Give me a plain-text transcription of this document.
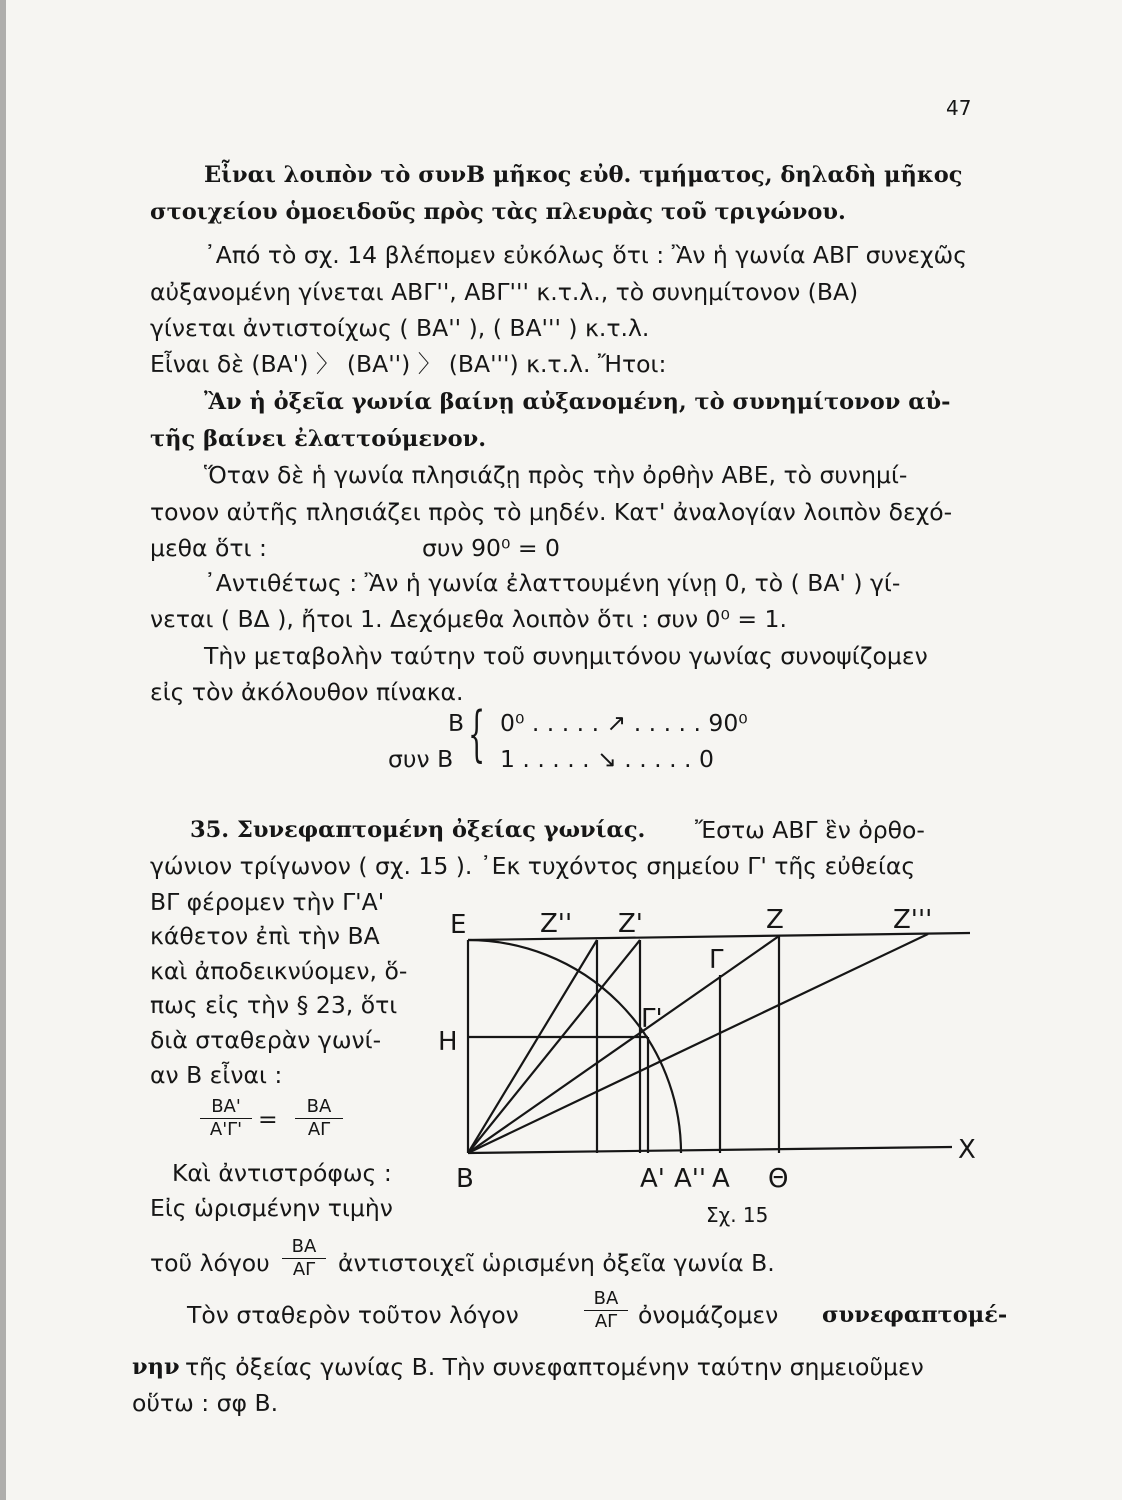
47
Εἶναι λοιπὸν τὸ συνΒ μῆκος εὐθ. τμήματος, δηλαδὴ μῆκος
στοιχείου ὁμοειδοῦς πρὸς τὰς πλευρὰς τοῦ τριγώνου.
᾿Από τὸ σχ. 14 βλέπομεν εὐκόλως ὅτι : Ἂν ἡ γωνία ΑΒΓ συνεχῶς
αὐξανομένη γίνεται ΑΒΓ'', ΑΒΓ''' κ.τ.λ., τὸ συνημίτονον (ΒΑ)
γίνεται ἀντιστοίχως ( ΒΑ'' ), ( ΒΑ''' ) κ.τ.λ.
Εἶναι δὲ (ΒΑ') 〉 (ΒΑ'') 〉 (ΒΑ''') κ.τ.λ. Ἤτοι:
Ἂν ἡ ὀξεῖα γωνία βαίνῃ αὐξανομένη, τὸ συνημίτονον αὐ-
τῆς βαίνει ἐλαττούμενον.
Ὅταν δὲ ἡ γωνία πλησιάζῃ πρὸς τὴν ὀρθὴν ΑΒΕ, τὸ συνημί-
τονον αὐτῆς πλησιάζει πρὸς τὸ μηδέν. Κατ' ἀναλογίαν λοιπὸν δεχό-
μεθα ὅτι :	συν 90⁰ = 0
᾿Αντιθέτως : Ἂν ἡ γωνία ἐλαττουμένη γίνῃ 0, τὸ ( ΒΑ' ) γί-
νεται ( ΒΔ ), ἤτοι 1. Δεχόμεθα λοιπὸν ὅτι : συν 0⁰ = 1.
Τὴν μεταβολὴν ταύτην τοῦ συνημιτόνου γωνίας συνοψίζομεν
εἰς τὸν ἀκόλουθον πίνακα.
Β
συν Β { 0⁰ . . . . . ↗ . . . . . 90⁰
1 . . . . . ↘ . . . . . 0
35. Συνεφαπτομένη ὀξείας γωνίας. Ἔστω ΑΒΓ ἓν ὀρθο-
γώνιον τρίγωνον ( σχ. 15 ). ᾿Εκ τυχόντος σημείου Γ' τῆς εὐθείας
ΒΓ φέρομεν τὴν Γ'Α'
κάθετον ἐπὶ τὴν ΒΑ
καὶ ἀποδεικνύομεν, ὅ-
πως εἰς τὴν § 23, ὅτι
διὰ σταθερὰν γωνί-
αν Β εἶναι :
ΒΑ'
Α'Γ' =	ΒΑ
ΑΓ
Καὶ ἀντιστρόφως :
Εἰς ὡρισμένην τιμὴν
τοῦ λόγου
ΒΑ
ΑΓ ἀντιστοιχεῖ ὡρισμένη ὀξεῖα γωνία Β.
Τὸν σταθερὸν τοῦτον λόγον
ΒΑ
ΑΓ ὀνομάζομεν συνεφαπτομέ-
νην τῆς ὀξείας γωνίας Β. Τὴν συνεφαπτομένην ταύτην σημειοῦμεν
οὕτω : σφ Β.
Ε	Ζ'' Ζ'	Ζ	Ζ'''
Γ
Γ'
Η
Β	Α' Α'' Α Θ
Χ
Σχ. 15
